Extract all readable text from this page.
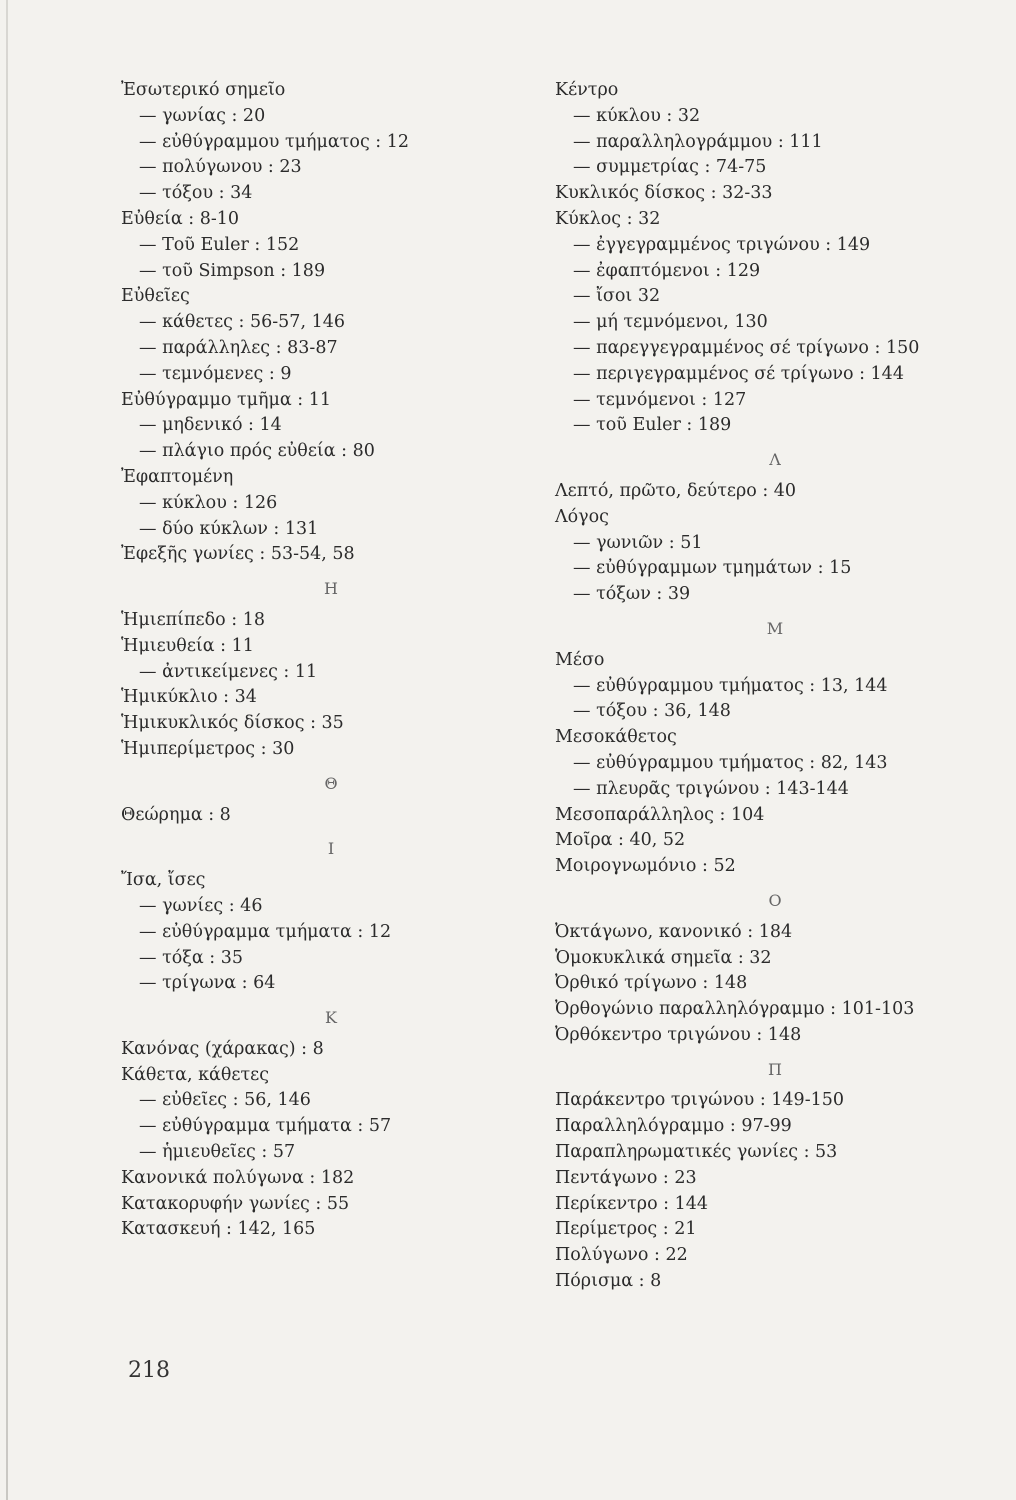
Ἐσωτερικό σημεῖο
— γωνίας : 20
— εὐθύγραμμου τμήματος : 12
— πολύγωνου : 23
— τόξου : 34
Εὐθεία : 8-10
— Τοῦ Euler : 152
— τοῦ Simpson : 189
Εὐθεῖες
— κάθετες : 56-57, 146
— παράλληλες : 83-87
— τεμνόμενες : 9
Εὐθύγραμμο τμῆμα : 11
— μηδενικό : 14
— πλάγιο πρός εὐθεία : 80
Ἐφαπτομένη
— κύκλου : 126
— δύο κύκλων : 131
Ἐφεξῆς γωνίες : 53-54, 58
Η
Ἡμιεπίπεδο : 18
Ἡμιευθεία : 11
— ἀντικείμενες : 11
Ἡμικύκλιο : 34
Ἡμικυκλικός δίσκος : 35
Ἡμιπερίμετρος : 30
Θ
Θεώρημα : 8
Ι
Ἴσα, ἴσες
— γωνίες : 46
— εὐθύγραμμα τμήματα : 12
— τόξα : 35
— τρίγωνα : 64
Κ
Κανόνας (χάρακας) : 8
Κάθετα, κάθετες
— εὐθεῖες : 56, 146
— εὐθύγραμμα τμήματα : 57
— ἡμιευθεῖες : 57
Κανονικά πολύγωνα : 182
Κατακορυφήν γωνίες : 55
Κατασκευή : 142, 165
Κέντρο
— κύκλου : 32
— παραλληλογράμμου : 111
— συμμετρίας : 74-75
Κυκλικός δίσκος : 32-33
Κύκλος : 32
— ἐγγεγραμμένος τριγώνου : 149
— ἐφαπτόμενοι : 129
— ἴσοι 32
— μή τεμνόμενοι, 130
— παρεγγεγραμμένος σέ τρίγωνο : 150
— περιγεγραμμένος σέ τρίγωνο : 144
— τεμνόμενοι : 127
— τοῦ Euler : 189
Λ
Λεπτό, πρῶτο, δεύτερο : 40
Λόγος
— γωνιῶν : 51
— εὐθύγραμμων τμημάτων : 15
— τόξων : 39
Μ
Μέσο
— εὐθύγραμμου τμήματος : 13, 144
— τόξου : 36, 148
Μεσοκάθετος
— εὐθύγραμμου τμήματος : 82, 143
— πλευρᾶς τριγώνου : 143-144
Μεσοπαράλληλος : 104
Μοῖρα : 40, 52
Μοιρογνωμόνιο : 52
Ο
Ὀκτάγωνο, κανονικό : 184
Ὁμοκυκλικά σημεῖα : 32
Ὀρθικό τρίγωνο : 148
Ὀρθογώνιο παραλληλόγραμμο : 101-103
Ὀρθόκεντρο τριγώνου : 148
Π
Παράκεντρο τριγώνου : 149-150
Παραλληλόγραμμο : 97-99
Παραπληρωματικές γωνίες : 53
Πεντάγωνο : 23
Περίκεντρο : 144
Περίμετρος : 21
Πολύγωνο : 22
Πόρισμα : 8
218
